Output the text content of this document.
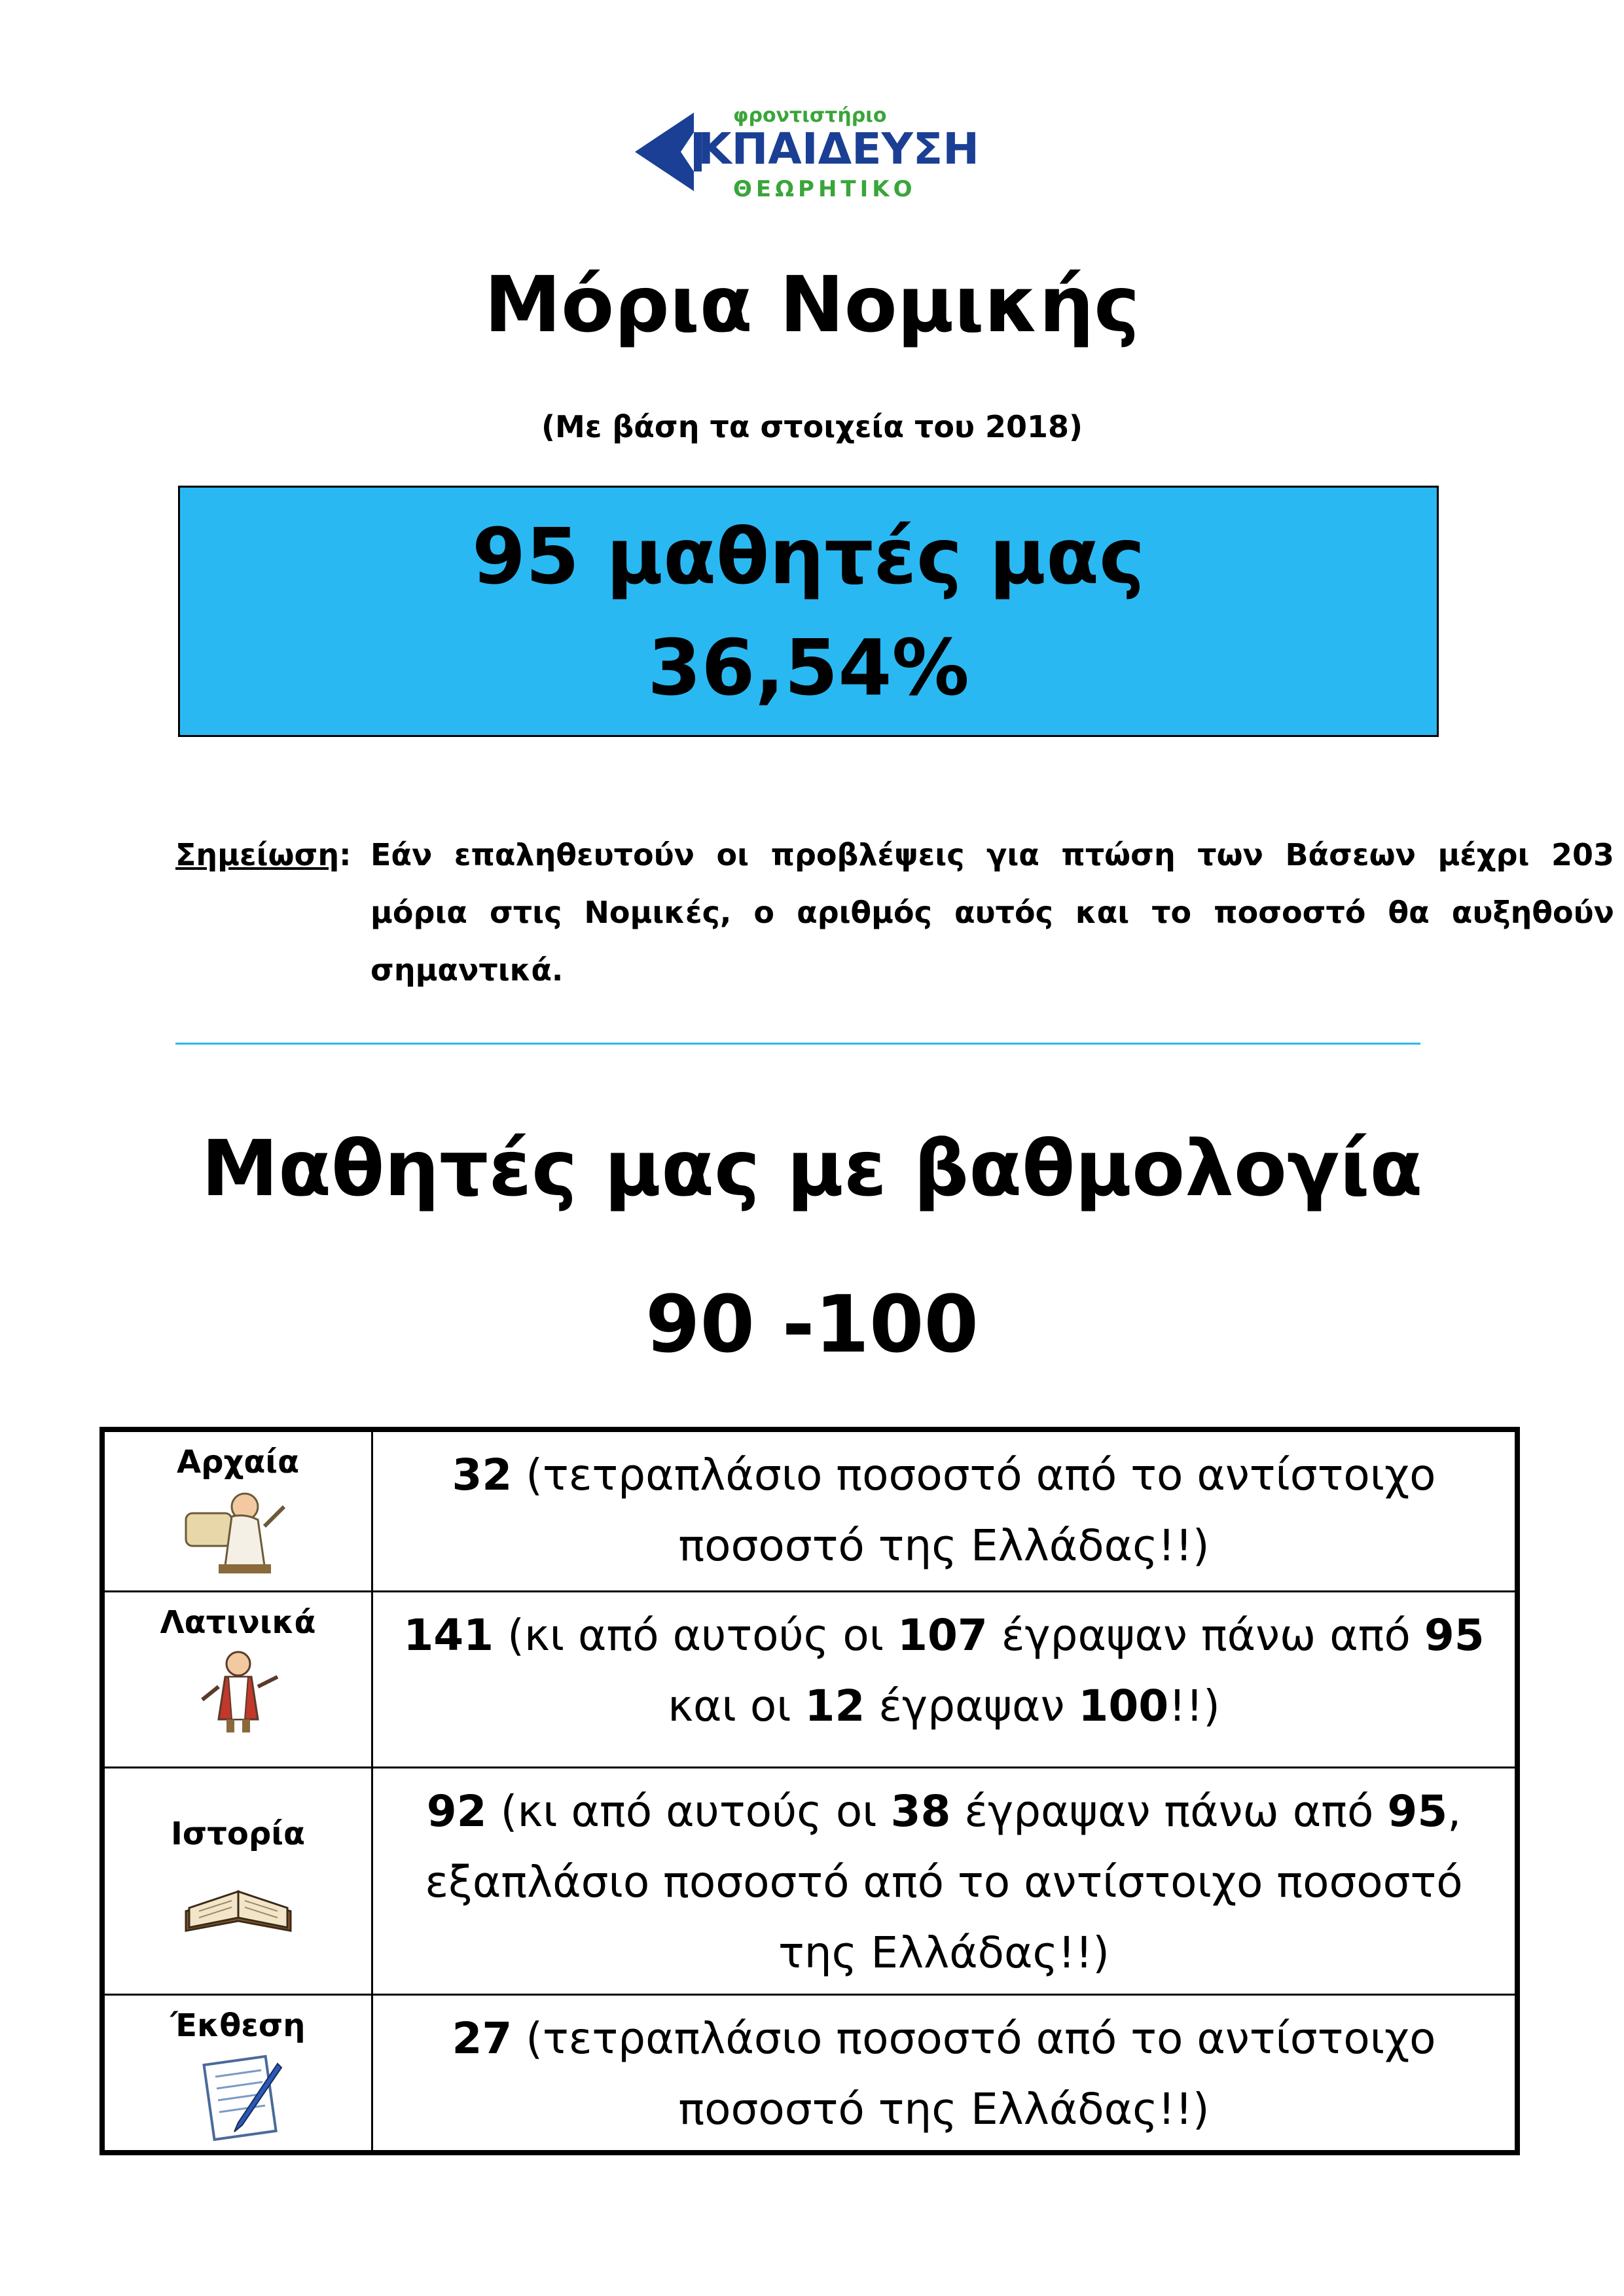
φροντιστήριο
ΚΠΑΙΔΕΥΣΗ
ΘΕΩΡΗΤΙΚΟ
Μόρια Νομικής
(Με βάση τα στοιχεία του 2018)
95 μαθητές μας
36,54%
Σημείωση: Εάν επαληθευτούν οι προβλέψεις για πτώση των Βάσεων μέχρι 203 μόρια στις Νομικές, ο αριθμός αυτός και το ποσοστό θα αυξηθούν σημαντικά.
Μαθητές μας με βαθμολογία
90 -100
Αρχαία	32 (τετραπλάσιο ποσοστό από το αντίστοιχο ποσοστό της Ελλάδας!!)

Λατινικά	141 (κι από αυτούς οι 107 έγραψαν πάνω από 95 και οι 12 έγραψαν 100!!)

Ιστορία	92 (κι από αυτούς οι 38 έγραψαν πάνω από 95, εξαπλάσιο ποσοστό από το αντίστοιχο ποσοστό της Ελλάδας!!)

Έκθεση	27 (τετραπλάσιο ποσοστό από το αντίστοιχο ποσοστό της Ελλάδας!!)
